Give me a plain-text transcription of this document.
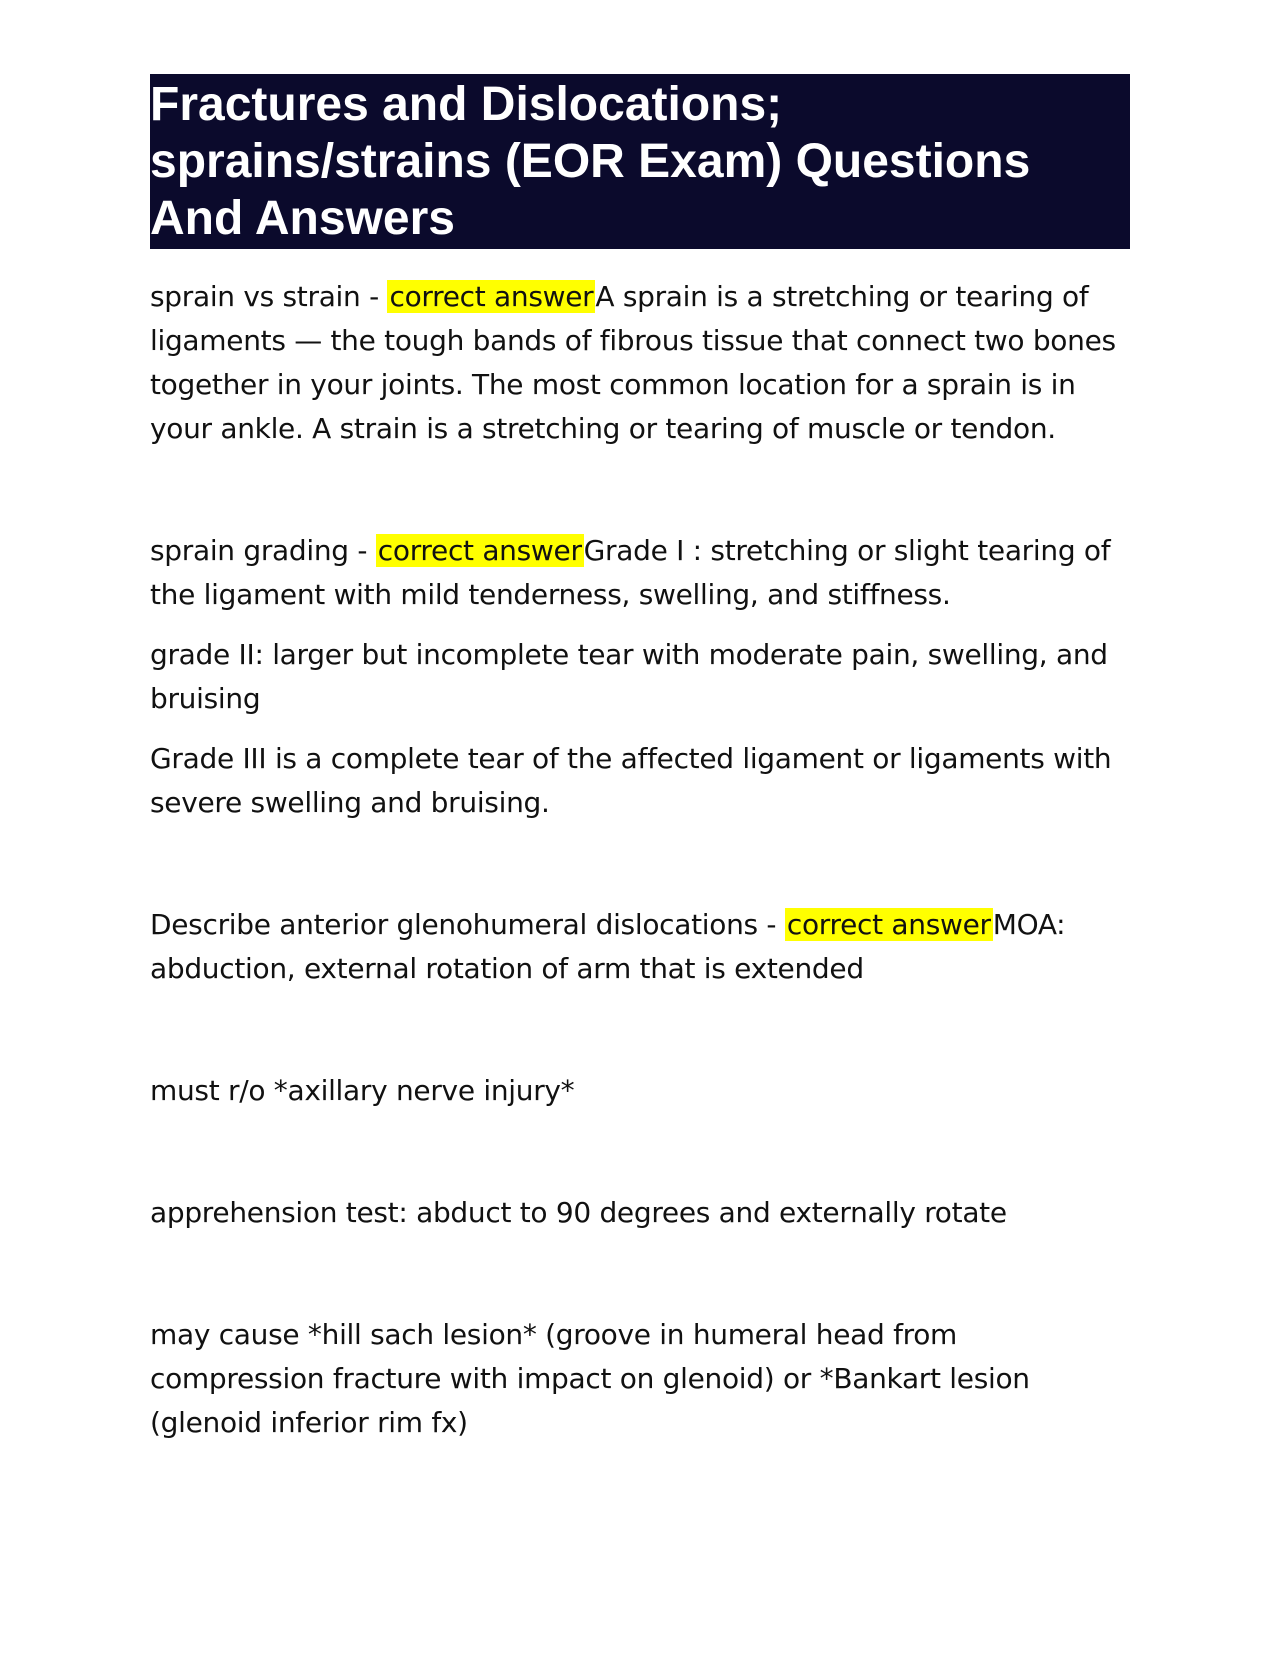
Fractures and Dislocations; sprains/strains (EOR Exam) Questions And Answers

sprain vs strain - correct answerA sprain is a stretching or tearing of ligaments — the tough bands of fibrous tissue that connect two bones together in your joints. The most common location for a sprain is in your ankle. A strain is a stretching or tearing of muscle or tendon.

sprain grading - correct answerGrade I : stretching or slight tearing of the ligament with mild tenderness, swelling, and stiffness.

grade II: larger but incomplete tear with moderate pain, swelling, and bruising

Grade III is a complete tear of the affected ligament or ligaments with severe swelling and bruising.

Describe anterior glenohumeral dislocations - correct answerMOA: abduction, external rotation of arm that is extended

must r/o *axillary nerve injury*

apprehension test: abduct to 90 degrees and externally rotate

may cause *hill sach lesion* (groove in humeral head from compression fracture with impact on glenoid) or *Bankart lesion (glenoid inferior rim fx)
